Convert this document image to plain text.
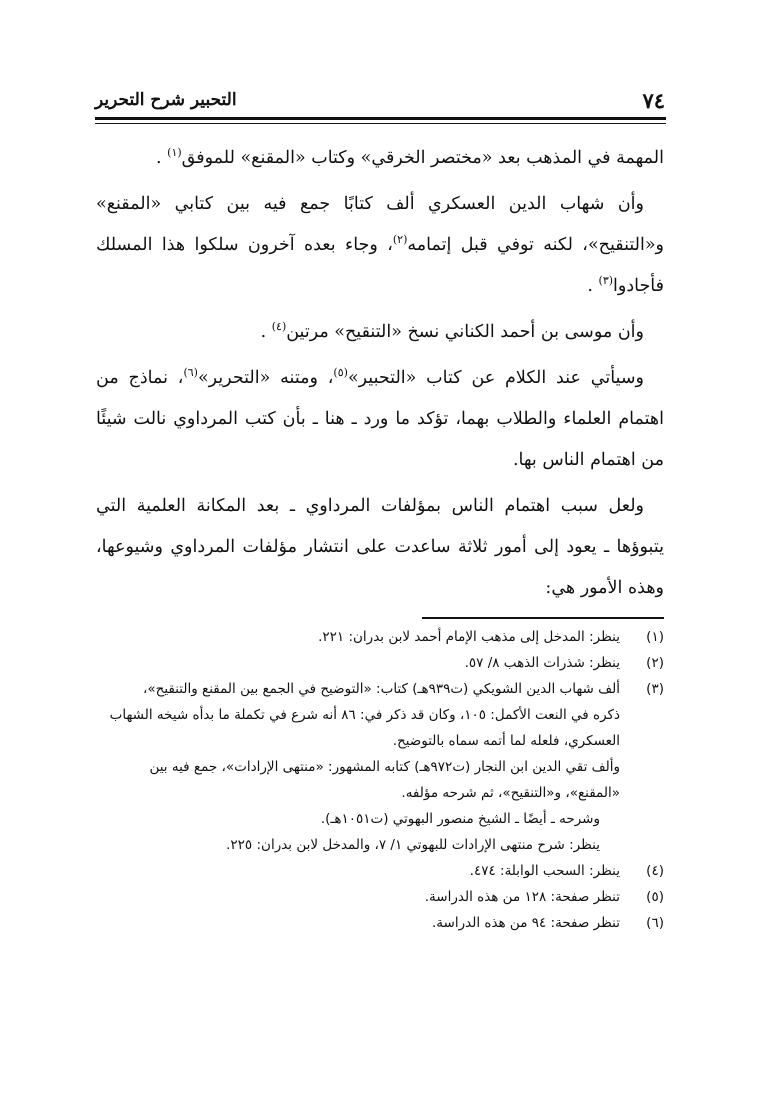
٧٤
التحبير شرح التحرير

المهمة في المذهب بعد «مختصر الخرقي» وكتاب «المقنع» للموفق$^{(١)}$ .

وأن شهاب الدين العسكري ألف كتابًا جمع فيه بين كتابي «المقنع» و«التنقيح»، لكنه توفي قبل إتمامه$^{(٢)}$، وجاء بعده آخرون سلكوا هذا المسلك فأجادوا$^{(٣)}$ .

وأن موسى بن أحمد الكناني نسخ «التنقيح» مرتين$^{(٤)}$ .

وسيأتي عند الكلام عن كتاب «التحبير»$^{(٥)}$، ومتنه «التحرير»$^{(٦)}$، نماذج من اهتمام العلماء والطلاب بهما، تؤكد ما ورد ـ هنا ـ بأن كتب المرداوي نالت شيئًا من اهتمام الناس بها.

ولعل سبب اهتمام الناس بمؤلفات المرداوي ـ بعد المكانة العلمية التي يتبوؤها ـ يعود إلى أمور ثلاثة ساعدت على انتشار مؤلفات المرداوي وشيوعها، وهذه الأمور هي:

(١)
ينظر: المدخل إلى مذهب الإمام أحمد لابن بدران: ٢٢١.
(٢)
ينظر: شذرات الذهب ٨/ ٥٧.
(٣)
ألف شهاب الدين الشويكي (ت٩٣٩هـ) كتاب: «التوضيح في الجمع بين المقنع والتنقيح»،
ذكره في النعت الأكمل: ١٠٥، وكان قد ذكر في: ٨٦ أنه شرع في تكملة ما بدأه شيخه الشهاب
العسكري، فلعله لما أتمه سماه بالتوضيح.
وألف تقي الدين ابن النجار (ت٩٧٢هـ) كتابه المشهور: «منتهى الإرادات»، جمع فيه بين
«المقنع»، و«التنقيح»، ثم شرحه مؤلفه.
وشرحه ـ أيضًا ـ الشيخ منصور البهوتي (ت١٠٥١هـ).
ينظر: شرح منتهى الإرادات للبهوتي ١/ ٧، والمدخل لابن بدران: ٢٢٥.
(٤)
ينظر: السحب الوابلة: ٤٧٤.
(٥)
تنظر صفحة: ١٢٨ من هذه الدراسة.
(٦)
تنظر صفحة: ٩٤ من هذه الدراسة.
